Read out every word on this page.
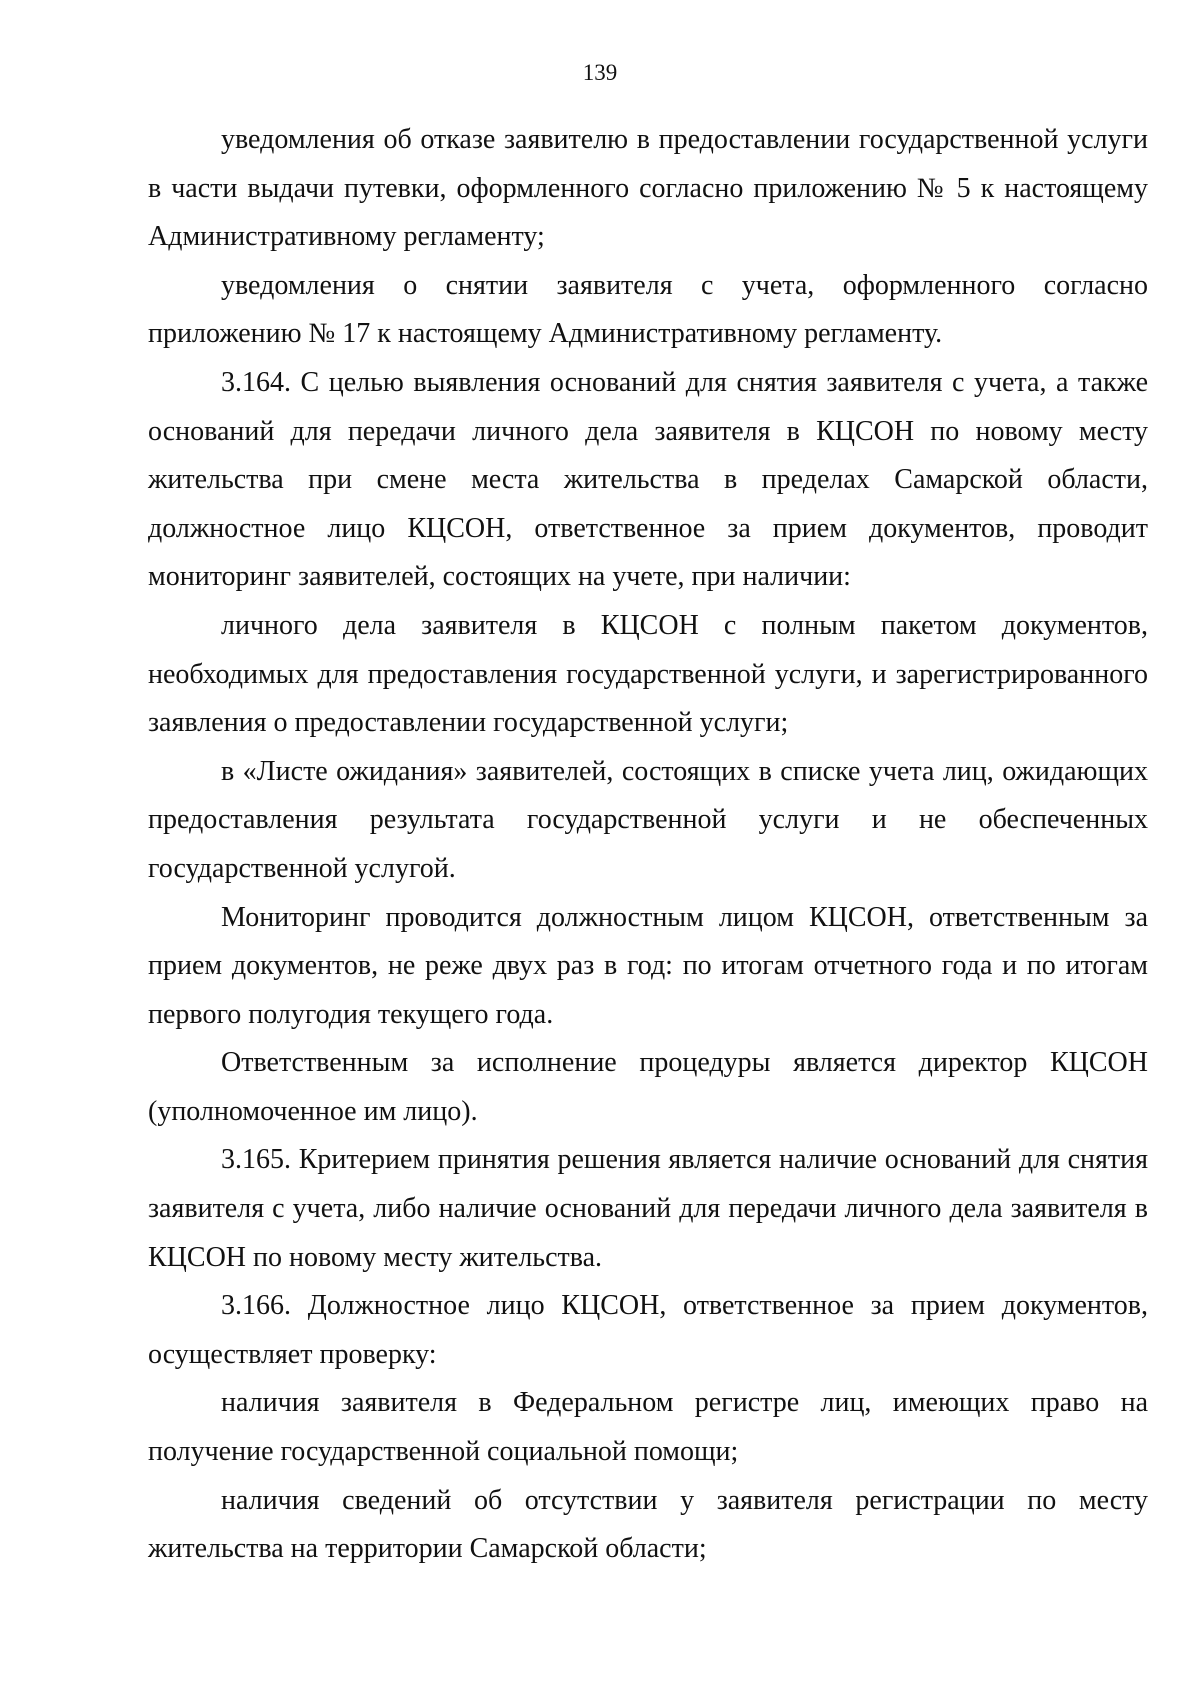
139

уведомления об отказе заявителю в предоставлении государственной услуги в части выдачи путевки, оформленного согласно приложению № 5 к настоящему Административному регламенту;

уведомления о снятии заявителя с учета, оформленного согласно приложению № 17 к настоящему Административному регламенту.

3.164. С целью выявления оснований для снятия заявителя с учета, а также оснований для передачи личного дела заявителя в КЦСОН по новому месту жительства при смене места жительства в пределах Самарской области, должностное лицо КЦСОН, ответственное за прием документов, проводит мониторинг заявителей, состоящих на учете, при наличии:

личного дела заявителя в КЦСОН с полным пакетом документов, необходимых для предоставления государственной услуги, и зарегистрированного заявления о предоставлении государственной услуги;

в «Листе ожидания» заявителей, состоящих в списке учета лиц, ожидающих предоставления результата государственной услуги и не обеспеченных государственной услугой.

Мониторинг проводится должностным лицом КЦСОН, ответственным за прием документов, не реже двух раз в год: по итогам отчетного года и по итогам первого полугодия текущего года.

Ответственным за исполнение процедуры является директор КЦСОН (уполномоченное им лицо).

3.165. Критерием принятия решения является наличие оснований для снятия заявителя с учета, либо наличие оснований для передачи личного дела заявителя в КЦСОН по новому месту жительства.

3.166. Должностное лицо КЦСОН, ответственное за прием документов, осуществляет проверку:

наличия заявителя в Федеральном регистре лиц, имеющих право на получение государственной социальной помощи;

наличия сведений об отсутствии у заявителя регистрации по месту жительства на территории Самарской области;
